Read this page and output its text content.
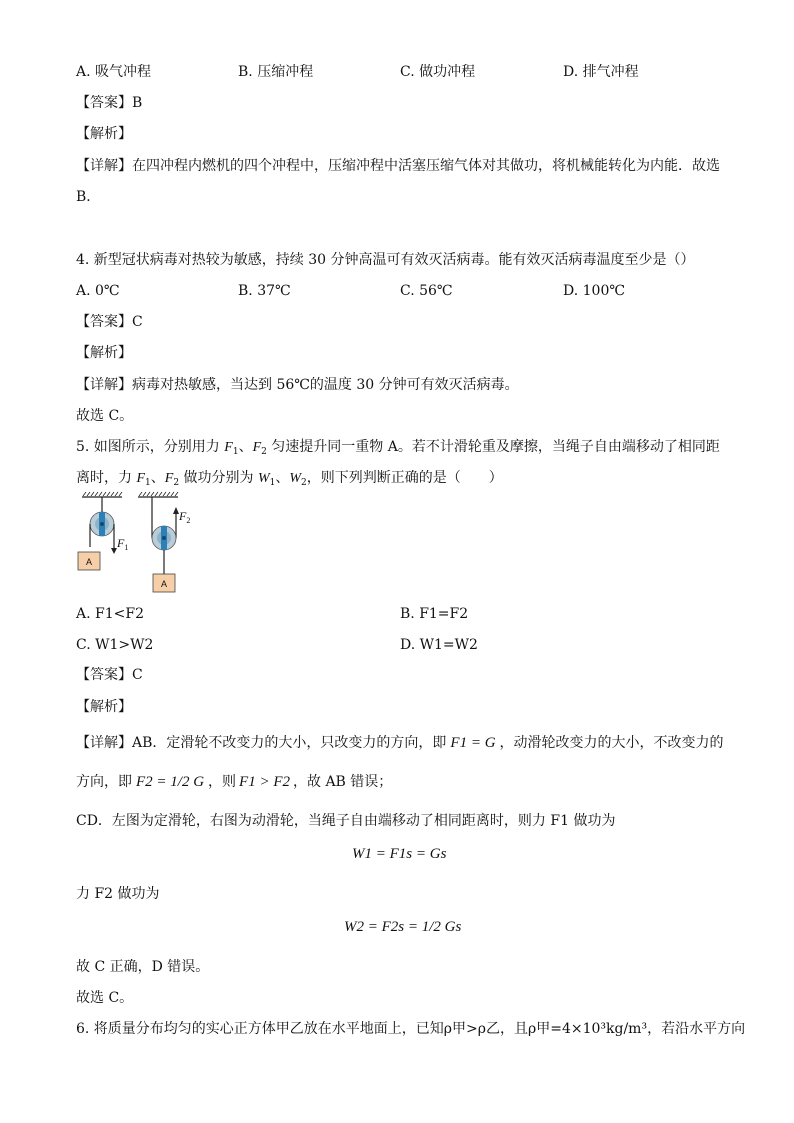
A. 吸气冲程	B. 压缩冲程	C. 做功冲程	D. 排气冲程
【答案】B
【解析】
【详解】在四冲程内燃机的四个冲程中，压缩冲程中活塞压缩气体对其做功，将机械能转化为内能．故选
B．
4. 新型冠状病毒对热较为敏感，持续 30 分钟高温可有效灭活病毒。能有效灭活病毒温度至少是（）
A. 0℃	B. 37℃	C. 56℃	D. 100℃
【答案】C
【解析】
【详解】病毒对热敏感，当达到 56℃的温度 30 分钟可有效灭活病毒。
故选 C。
5. 如图所示，分别用力 $F_1$、$F_2$ 匀速提升同一重物 A。若不计滑轮重及摩擦，当绳子自由端移动了相同距
离时，力 $F_1$、$F_2$ 做功分别为 $W_1$、$W_2$，则下列判断正确的是（　　）
$F_1$
A
$F_2$
A
A. F1<F2	B. F1=F2
C. W1>W2	D. W1=W2
【答案】C
【解析】
【详解】AB．定滑轮不改变力的大小，只改变力的方向，即 F1 = G ，动滑轮改变力的大小，不改变力的
方向，即 F2 = 1/2 G ，则 F1 > F2 ，故 AB 错误；
CD．左图为定滑轮，右图为动滑轮，当绳子自由端移动了相同距离时，则力 F1 做功为
W1 = F1s = Gs
力 F2 做功为
W2 = F2s = 1/2 Gs
故 C 正确，D 错误。
故选 C。
6. 将质量分布均匀的实心正方体甲乙放在水平地面上，已知ρ甲>ρ乙，且ρ甲=4×10³kg/m³，若沿水平方向
